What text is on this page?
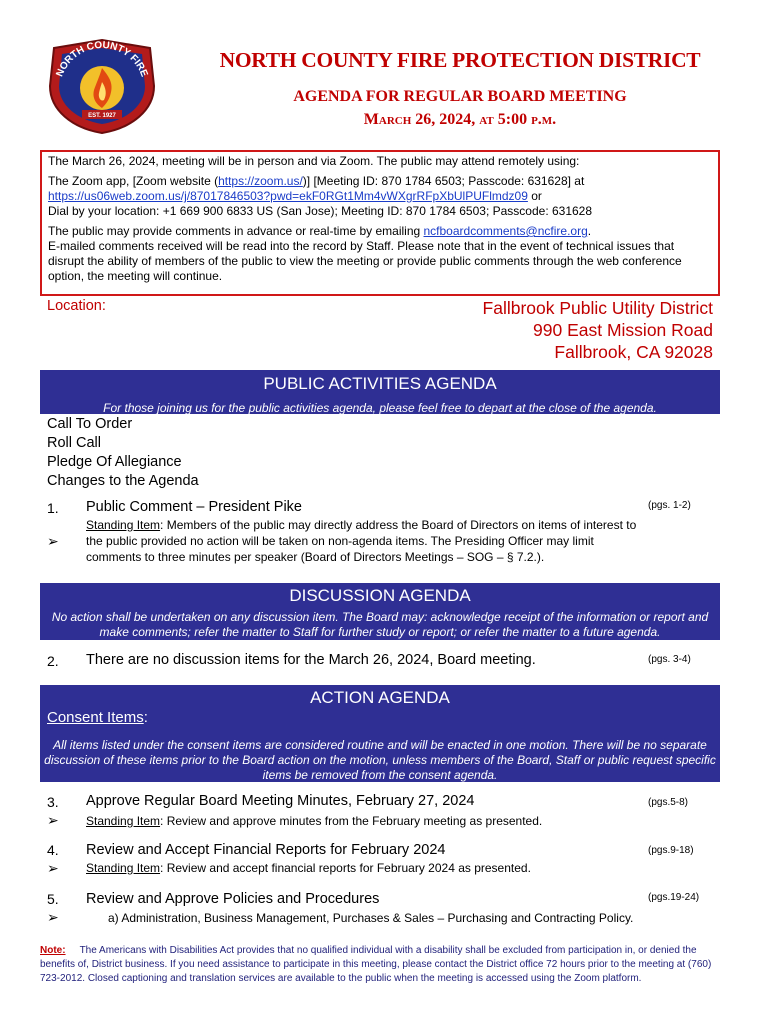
EST. 1927
NORTH COUNTY FIRE
NORTH COUNTY FIRE PROTECTION DISTRICT
AGENDA FOR REGULAR BOARD MEETING
March 26, 2024, at 5:00 p.m.

The March 26, 2024, meeting will be in person and via Zoom. The public may attend remotely using:

The Zoom app, [Zoom website (https://zoom.us/)] [Meeting ID: 870 1784 6503; Passcode: 631628] at
https://us06web.zoom.us/j/87017846503?pwd=ekF0RGt1Mm4vWXgrRFpXbUlPUFlmdz09 or
Dial by your location: +1 669 900 6833 US (San Jose); Meeting ID: 870 1784 6503; Passcode: 631628

The public may provide comments in advance or real-time by emailing ncfboardcomments@ncfire.org.
E-mailed comments received will be read into the record by Staff. Please note that in the event of technical issues that disrupt the ability of members of the public to view the meeting or provide public comments through the web conference option, the meeting will continue.

Location:	Fallbrook Public Utility District
990 East Mission Road
Fallbrook, CA 92028
PUBLIC ACTIVITIES AGENDA
For those joining us for the public activities agenda, please feel free to depart at the close of the agenda.
Call To Order
Roll Call
Pledge Of Allegiance
Changes to the Agenda
1. Public Comment – President Pike	(pgs. 1-2)
➢
Standing Item: Members of the public may directly address the Board of Directors on items of interest to the public provided no action will be taken on non-agenda items. The Presiding Officer may limit comments to three minutes per speaker (Board of Directors Meetings – SOG – § 7.2.).
DISCUSSION AGENDA
No action shall be undertaken on any discussion item. The Board may: acknowledge receipt of the information or report and make comments; refer the matter to Staff for further study or report; or refer the matter to a future agenda.
2. There are no discussion items for the March 26, 2024, Board meeting.	(pgs. 3-4)
ACTION AGENDA
Consent Items:
All items listed under the consent items are considered routine and will be enacted in one motion. There will be no separate discussion of these items prior to the Board action on the motion, unless members of the Board, Staff or public request specific items be removed from the consent agenda.
3. Approve Regular Board Meeting Minutes, February 27, 2024	(pgs.5-8)
➢ Standing Item: Review and approve minutes from the February meeting as presented.
4. Review and Accept Financial Reports for February 2024	(pgs.9-18)
➢ Standing Item: Review and accept financial reports for February 2024 as presented.
5. Review and Approve Policies and Procedures	(pgs.19-24)
➢	a) Administration, Business Management, Purchases & Sales – Purchasing and Contracting Policy.
Note: The Americans with Disabilities Act provides that no qualified individual with a disability shall be excluded from participation in, or denied the benefits of, District business. If you need assistance to participate in this meeting, please contact the District office 72 hours prior to the meeting at (760) 723-2012. Closed captioning and translation services are available to the public when the meeting is accessed using the Zoom platform.
